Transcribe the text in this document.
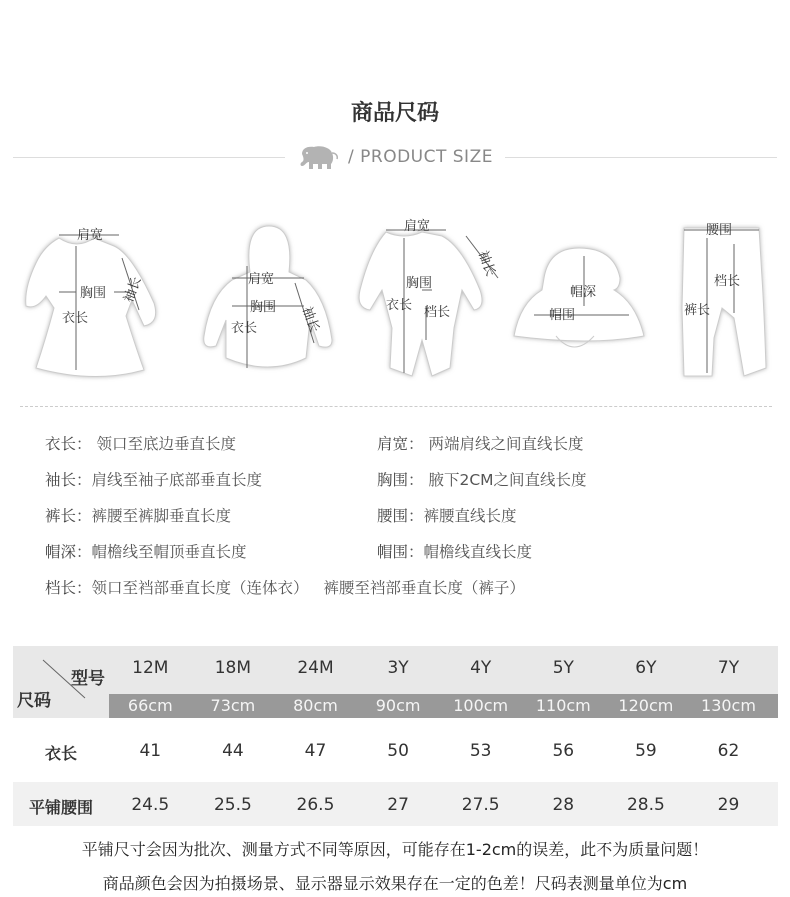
商品尺码
/ PRODUCT SIZE
肩宽
胸围
衣长
袖长	肩宽
胸围
衣长	袖长
肩宽
胸围
衣长 档长
袖长
帽深
帽围
腰围
档长
裤长
衣长： 领口至底边垂直长度	肩宽： 两端肩线之间直线长度
袖长：肩线至袖子底部垂直长度	胸围： 腋下2CM之间直线长度
裤长：裤腰至裤脚垂直长度	腰围：裤腰直线长度
帽深：帽檐线至帽顶垂直长度	帽围：帽檐线直线长度
档长：领口至裆部垂直长度（连体衣）   裤腰至裆部垂直长度（裤子）
型号
尺码
12M	18M	24M	3Y	4Y	5Y	6Y	7Y
66cm	73cm	80cm	90cm	100cm	110cm	120cm	130cm
衣长	41	44	47	50	53	56	59	62
平铺腰围	24.5	25.5	26.5	27	27.5	28	28.5	29
平铺尺寸会因为批次、测量方式不同等原因，可能存在1-2cm的误差，此不为质量问题！
商品颜色会因为拍摄场景、显示器显示效果存在一定的色差！尺码表测量单位为cm
